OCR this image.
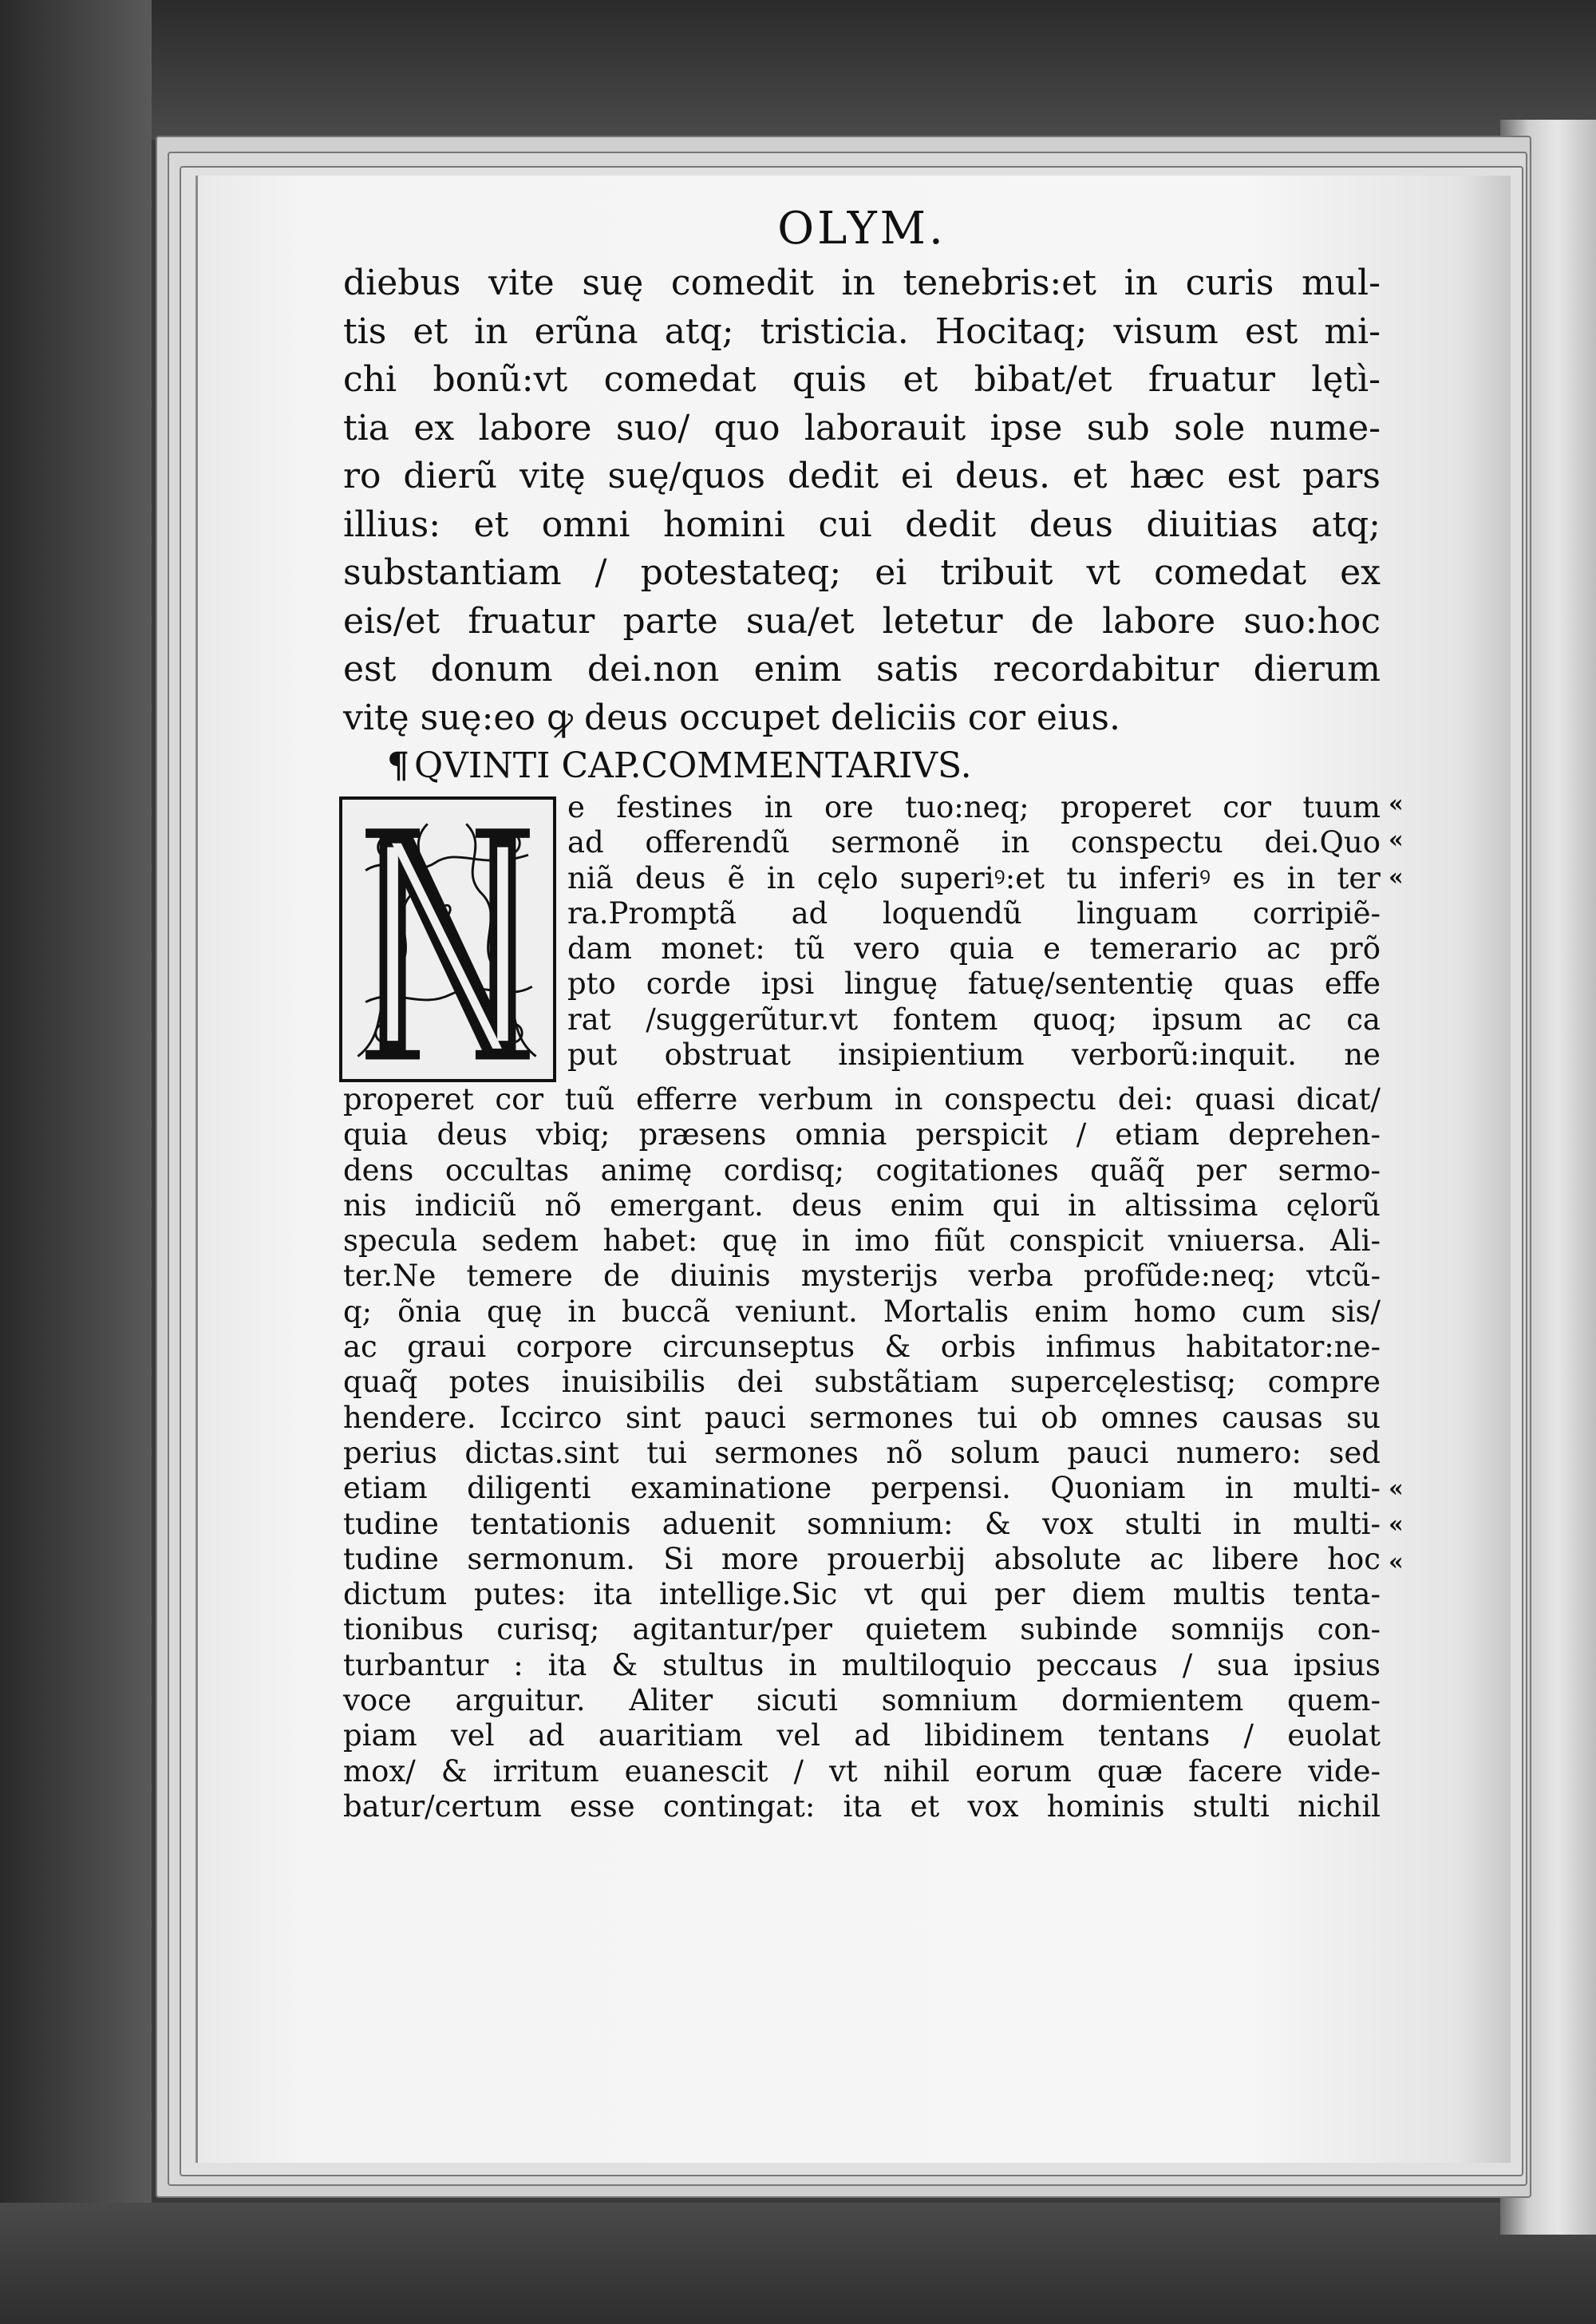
OLYM.
diebus vite suę comedit in tenebris:et in curis mul-
tis et in erũna atq; tristicia. Hocitaq; visum est mi-
chi bonũ:vt comedat quis et bibat/et fruatur lętì-
tia ex labore suo/ quo laborauit ipse sub sole nume-
ro dierũ vitę suę/quos dedit ei deus. et hæc est pars
illius: et omni homini cui dedit deus diuitias atq;
substantiam / potestateq; ei tribuit vt comedat ex
eis/et fruatur parte sua/et letetur de labore suo:hoc
est donum dei.non enim satis recordabitur dierum
vitę suę:eo ꝙ deus occupet deliciis cor eius.
¶ QVINTI CAP.COMMENTARIVS.
e festines in ore tuo:neq; properet cor tuum
ad offerendũ sermonẽ in conspectu dei.Quo
niã deus ẽ in cęlo superiꝰ:et tu inferiꝰ es in ter
ra.Promptã ad loquendũ linguam corripiẽ-
dam monet: tũ vero quia e temerario ac prõ
pto corde ipsi linguę fatuę/sententię quas effe
rat /suggerũtur.vt fontem quoq; ipsum ac ca
put obstruat insipientium verborũ:inquit. ne
properet cor tuũ efferre verbum in conspectu dei: quasi dicat/
quia deus vbiq; præsens omnia perspicit / etiam deprehen-
dens occultas animę cordisq; cogitationes quãq̃ per sermo-
nis indiciũ nõ emergant. deus enim qui in altissima cęlorũ
specula sedem habet: quę in imo fiũt conspicit vniuersa. Ali-
ter.Ne temere de diuinis mysterijs verba profũde:neq; vtcũ-
q; õnia quę in buccã veniunt. Mortalis enim homo cum sis/
ac graui corpore circunseptus & orbis infimus habitator:ne-
quaq̃ potes inuisibilis dei substãtiam supercęlestisq; compre
hendere. Iccirco sint pauci sermones tui ob omnes causas su
perius dictas.sint tui sermones nõ solum pauci numero: sed
etiam diligenti examinatione perpensi. Quoniam in multi-
tudine tentationis aduenit somnium: & vox stulti in multi-
tudine sermonum. Si more prouerbij absolute ac libere hoc
dictum putes: ita intellige.Sic vt qui per diem multis tenta-
tionibus curisq; agitantur/per quietem subinde somnijs con-
turbantur : ita & stultus in multiloquio peccaus / sua ipsius
voce arguitur. Aliter sicuti somnium dormientem quem-
piam vel ad auaritiam vel ad libidinem tentans / euolat
mox/ & irritum euanescit / vt nihil eorum quæ facere vide-
batur/certum esse contingat: ita et vox hominis stulti nichil
«
«
«
«
«
«
